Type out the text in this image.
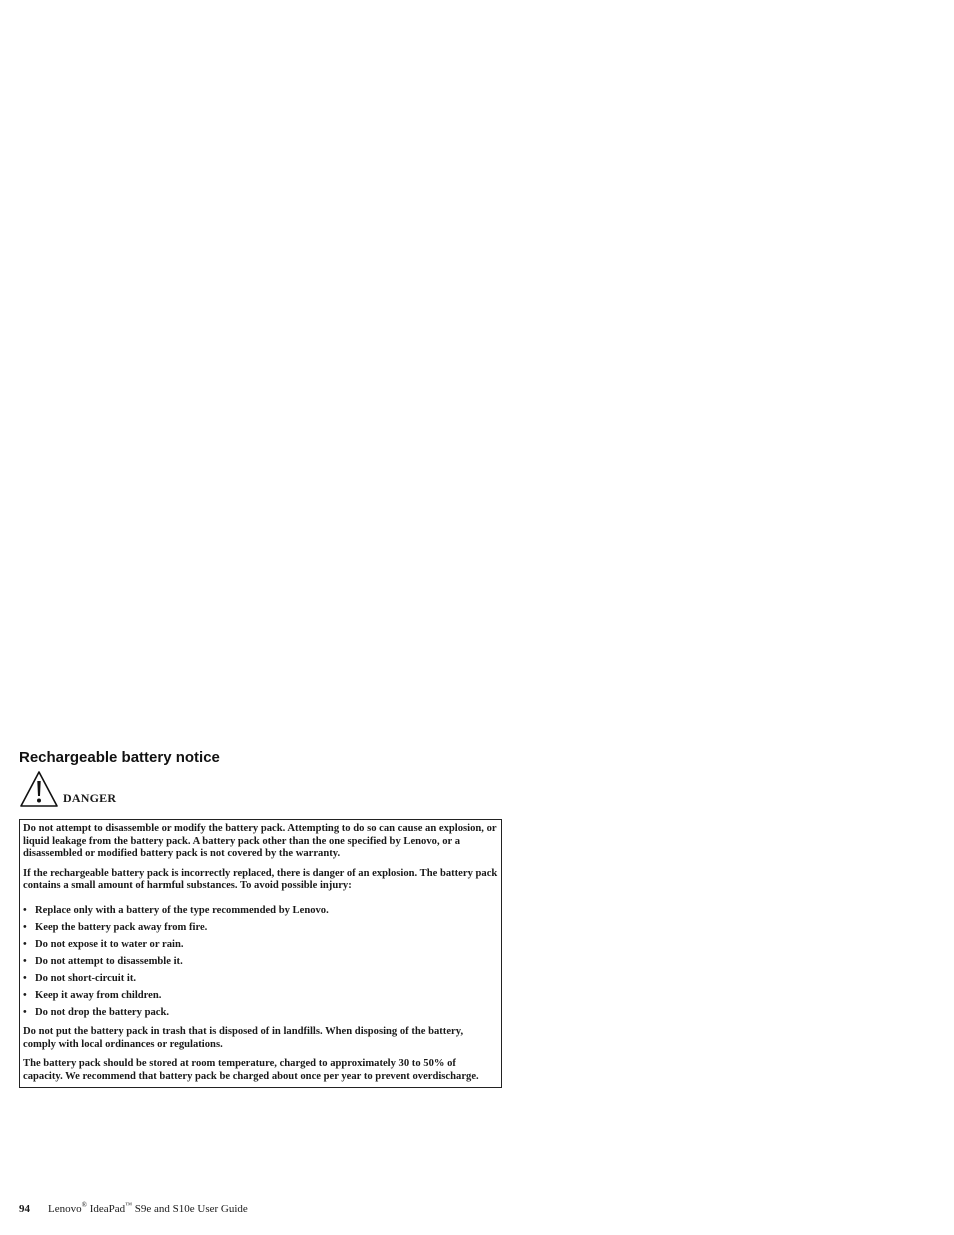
Rechargeable battery notice
DANGER

Do not attempt to disassemble or modify the battery pack. Attempting to do so can cause an explosion, or liquid leakage from the battery pack. A battery pack other than the one specified by Lenovo, or a disassembled or modified battery pack is not covered by the warranty.

If the rechargeable battery pack is incorrectly replaced, there is danger of an explosion. The battery pack contains a small amount of harmful substances. To avoid possible injury:

• Replace only with a battery of the type recommended by Lenovo.
• Keep the battery pack away from fire.
• Do not expose it to water or rain.
• Do not attempt to disassemble it.
• Do not short-circuit it.
• Keep it away from children.
• Do not drop the battery pack.

Do not put the battery pack in trash that is disposed of in landfills. When disposing of the battery, comply with local ordinances or regulations.

The battery pack should be stored at room temperature, charged to approximately 30 to 50% of capacity. We recommend that battery pack be charged about once per year to prevent overdischarge.

94 Lenovo® IdeaPad™ S9e and S10e User Guide
